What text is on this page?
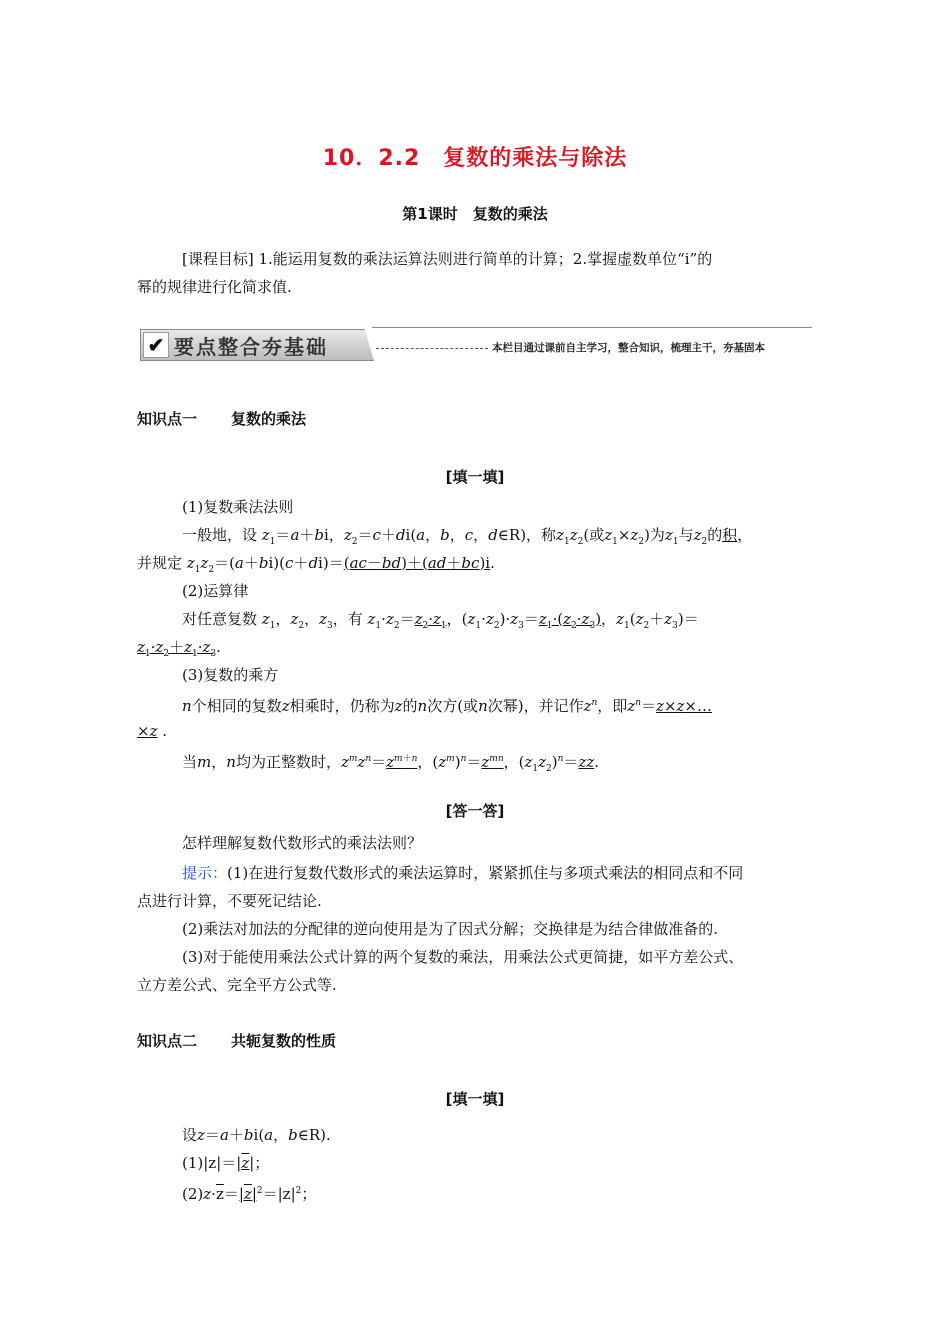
10．2.2　复数的乘法与除法
第1课时　复数的乘法
[课程目标] 1.能运用复数的乘法运算法则进行简单的计算；2.掌握虚数单位“i”的
幂的规律进行化简求值.
✔ 要点整合夯基础	本栏目通过课前自主学习，整合知识，梳理主干，夯基固本
知识点一 复数的乘法
[填一填]
(1)复数乘法法则
一般地，设 $z_1=a+bi$，$z_2=c+di(a$，b，c，d∈R)，称$z_1z_2$(或$z_1\times z_2$)为$z_1$与$z_2$的积，
并规定 $z_1z_2=(a+bi)(c+di)=(ac-bd)+(ad+bc)i$.
(2)运算律
对任意复数 $z_1$，$z_2$，$z_3$，有 $z_1\cdot z_2=z_2\cdot z_1$，$(z_1\cdot z_2)\cdot z_3=z_1\cdot(z_2\cdot z_3)$，$z_1(z_2+z_3)=$
$z_1\cdot z_2+z_1\cdot z_3$.
(3)复数的乘方
n个相同的复数z相乘时，仍称为z的n次方(或n次幂)，并记作$z^n$，即$z^n=z\times z\times\dots$
×z .
当m，n均为正整数时，$z^mz^n=z^{m+n}$，$(z^m)^n=z^{mn}$，$(z_1z_2)^n=zz$.
[答一答]
怎样理解复数代数形式的乘法法则？
提示：(1)在进行复数代数形式的乘法运算时，紧紧抓住与多项式乘法的相同点和不同
点进行计算，不要死记结论.
(2)乘法对加法的分配律的逆向使用是为了因式分解；交换律是为结合律做准备的.
(3)对于能使用乘法公式计算的两个复数的乘法，用乘法公式更简捷，如平方差公式、
立方差公式、完全平方公式等.
知识点二 共轭复数的性质
[填一填]
设z＝a＋bi(a，b∈R).
(1)|z|＝|z|；
$(2)z\cdot\overline{z}=|z|^2=|z|^2$；
